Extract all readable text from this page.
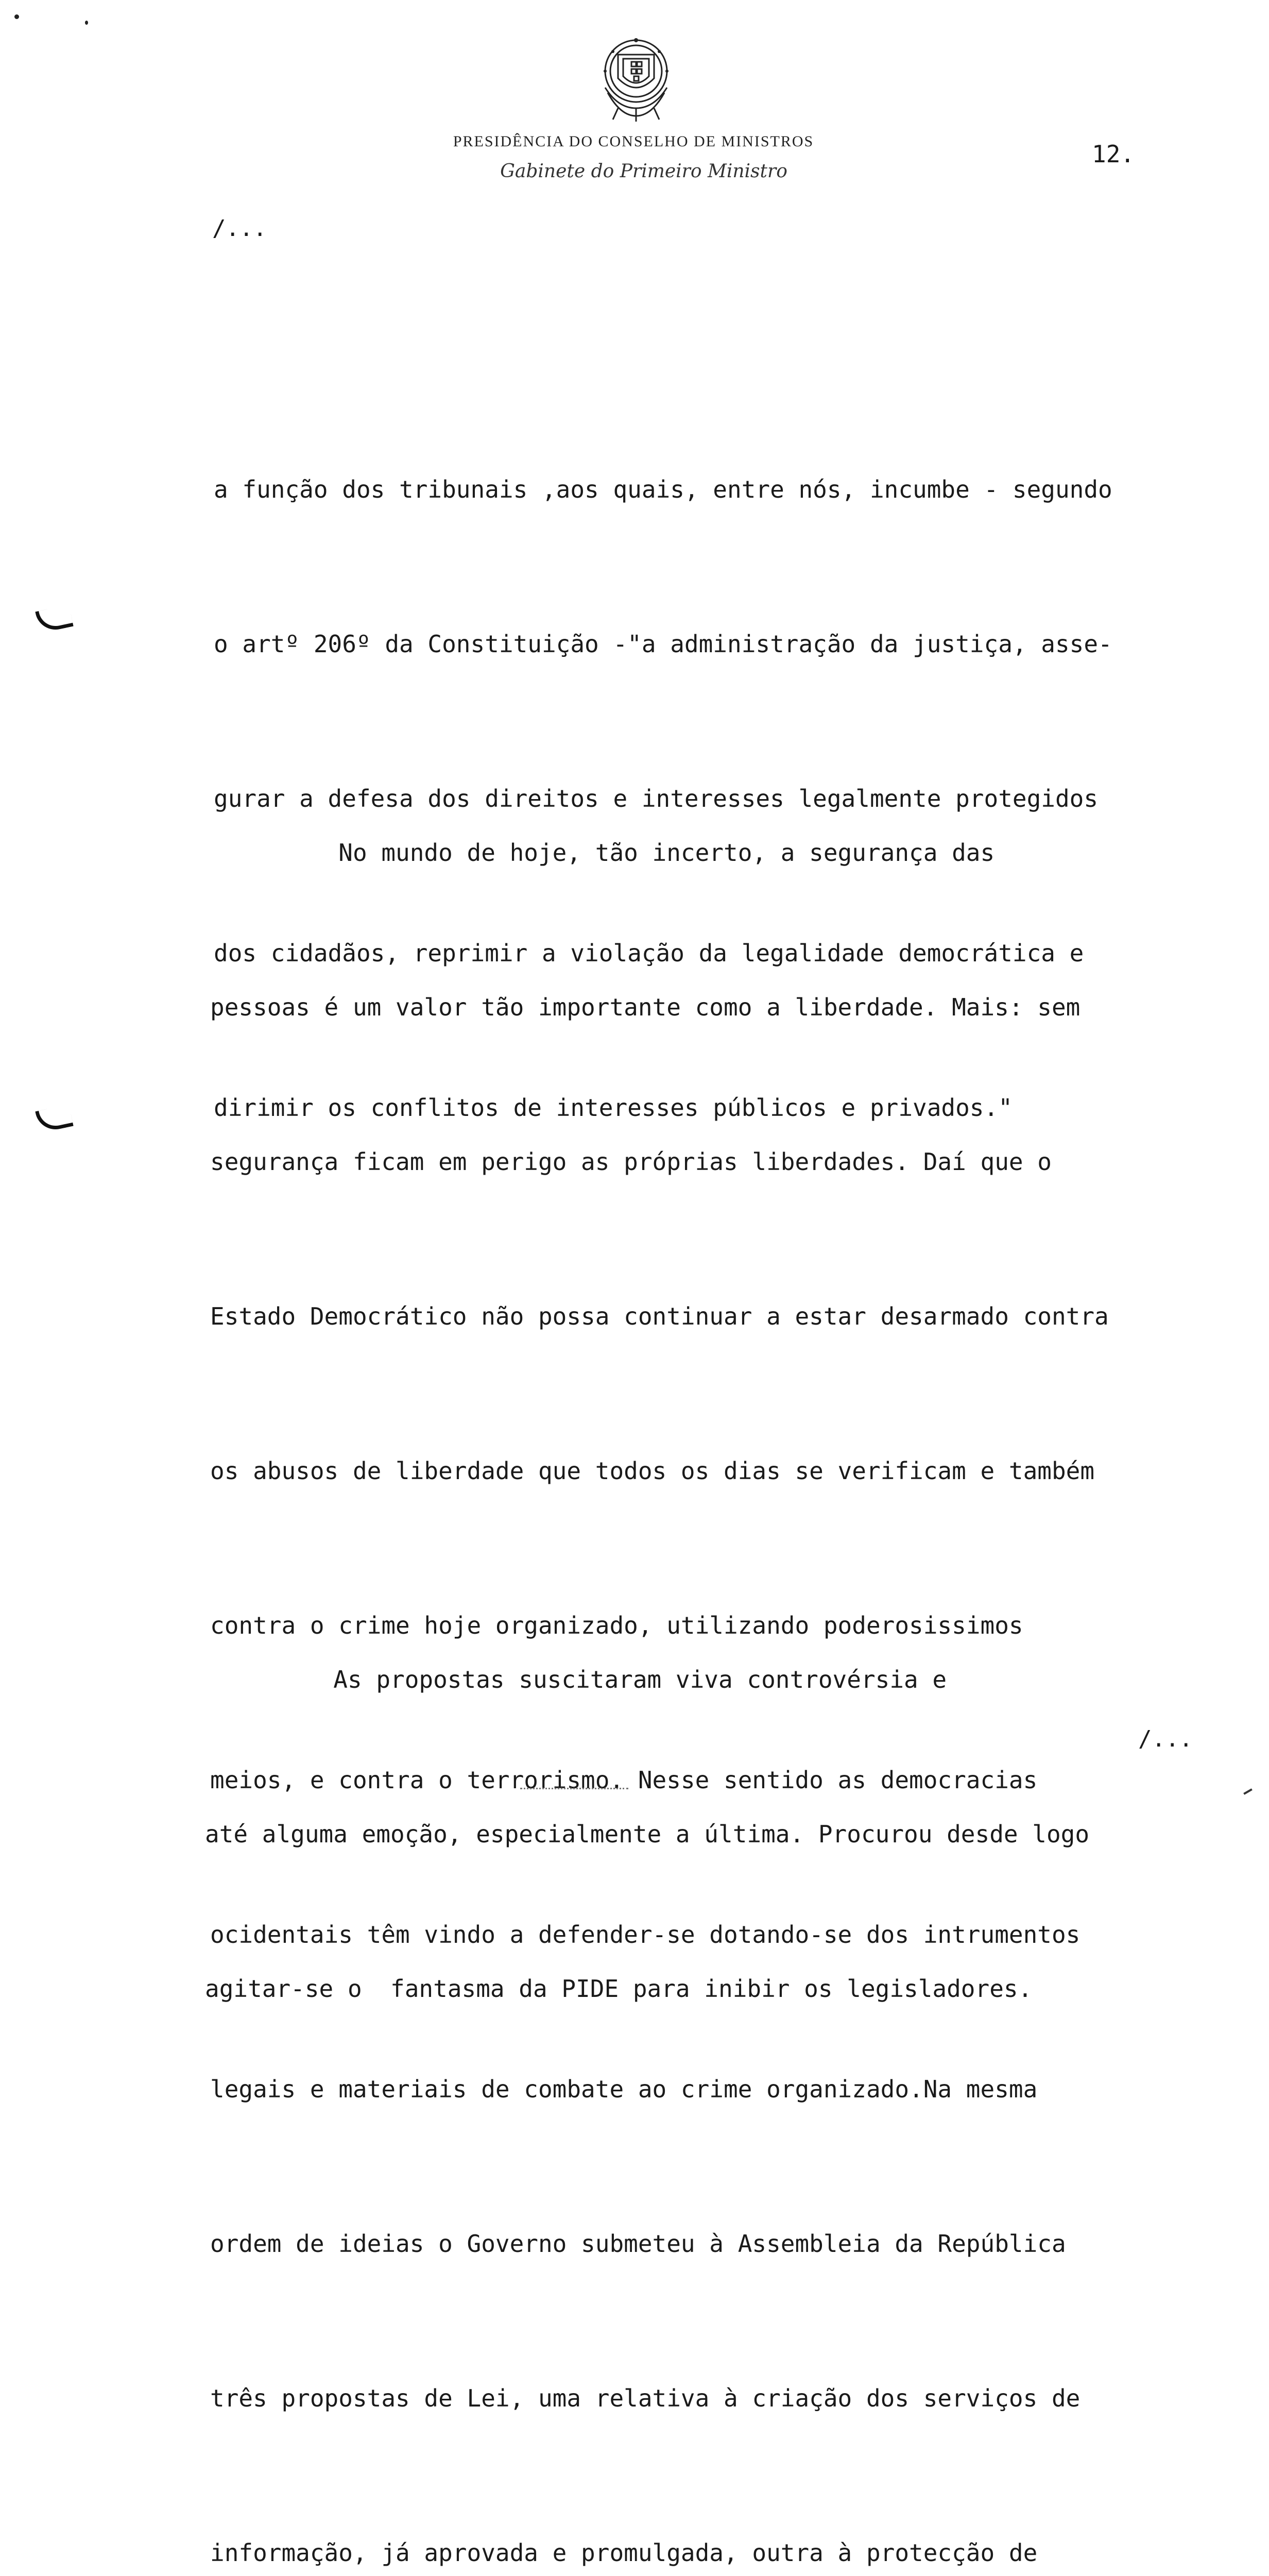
PRESIDÊNCIA DO CONSELHO DE MINISTROS
Gabinete do Primeiro Ministro
12.
/...

a função dos tribunais ,aos quais, entre nós, incumbe - segundo

o artº 206º da Constituição -"a administração da justiça, asse-

gurar a defesa dos direitos e interesses legalmente protegidos

dos cidadãos, reprimir a violação da legalidade democrática e

dirimir os conflitos de interesses públicos e privados."

No mundo de hoje, tão incerto, a segurança das

pessoas é um valor tão importante como a liberdade. Mais: sem

segurança ficam em perigo as próprias liberdades. Daí que o

Estado Democrático não possa continuar a estar desarmado contra

os abusos de liberdade que todos os dias se verificam e também

contra o crime hoje organizado, utilizando poderosissimos

meios, e contra o terrorismo. Nesse sentido as democracias

ocidentais têm vindo a defender-se dotando-se dos intrumentos

legais e materiais de combate ao crime organizado.Na mesma

ordem de ideias o Governo submeteu à Assembleia da República

três propostas de Lei, uma relativa à criação dos serviços de

informação, já aprovada e promulgada, outra à protecção de

As propostas suscitaram viva controvérsia e

até alguma emoção, especialmente a última. Procurou desde logo

agitar-se o  fantasma da PIDE para inibir os legisladores.

/...
